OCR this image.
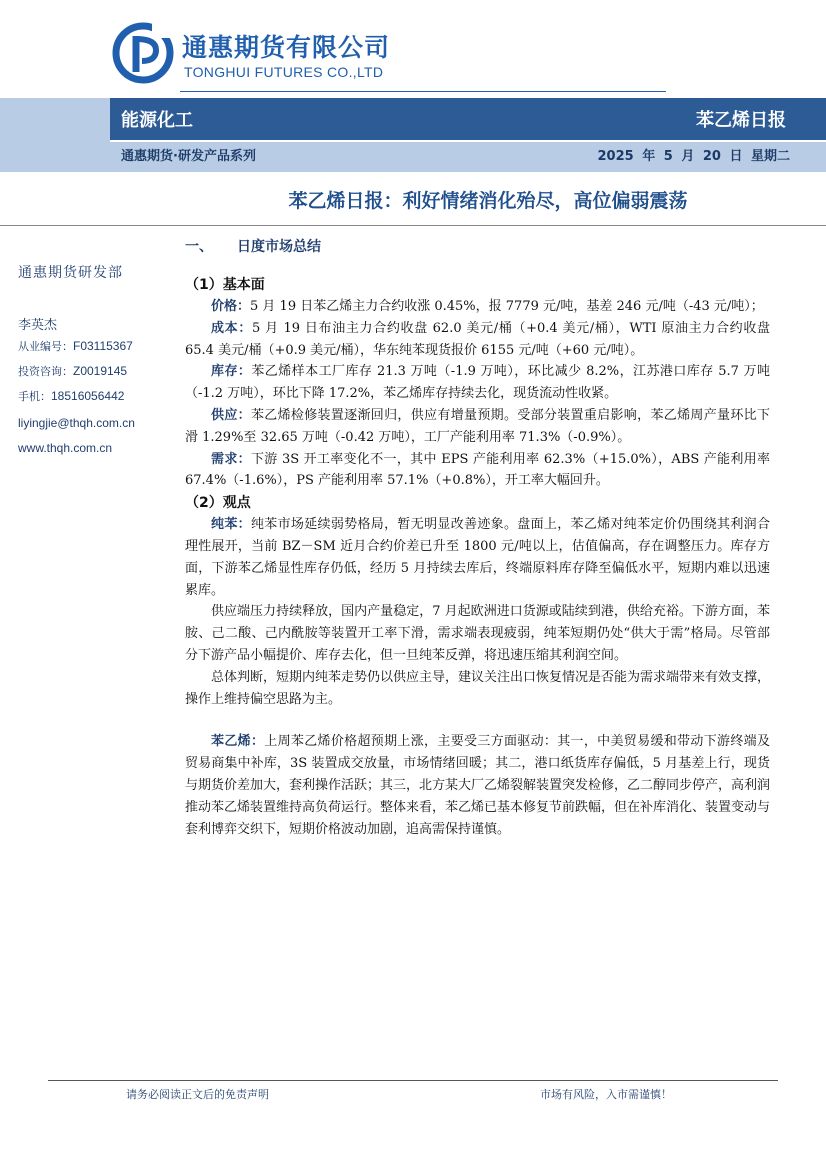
通惠期货有限公司
TONGHUI FUTURES CO.,LTD
能源化工	苯乙烯日报
通惠期货·研发产品系列	2025 年 5 月 20 日 星期二
苯乙烯日报：利好情绪消化殆尽，高位偏弱震荡
通惠期货研发部
李英杰
从业编号：F03115367
投资咨询：Z0019145
手机：18516056442
liyingjie@thqh.com.cn
www.thqh.com.cn
一、 日度市场总结
（1）基本面

价格：5 月 19 日苯乙烯主力合约收涨 0.45%，报 7779 元/吨，基差 246 元/吨（-43 元/吨）；

成本：5 月 19 日布油主力合约收盘 62.0 美元/桶（+0.4 美元/桶），WTI 原油主力合约收盘 65.4 美元/桶（+0.9 美元/桶），华东纯苯现货报价 6155 元/吨（+60 元/吨）。

库存：苯乙烯样本工厂库存 21.3 万吨（-1.9 万吨），环比减少 8.2%，江苏港口库存 5.7 万吨（-1.2 万吨），环比下降 17.2%，苯乙烯库存持续去化，现货流动性收紧。

供应：苯乙烯检修装置逐渐回归，供应有增量预期。受部分装置重启影响，苯乙烯周产量环比下滑 1.29%至 32.65 万吨（-0.42 万吨），工厂产能利用率 71.3%（-0.9%）。

需求：下游 3S 开工率变化不一，其中 EPS 产能利用率 62.3%（+15.0%），ABS 产能利用率 67.4%（-1.6%），PS 产能利用率 57.1%（+0.8%），开工率大幅回升。

（2）观点

纯苯：纯苯市场延续弱势格局，暂无明显改善迹象。盘面上，苯乙烯对纯苯定价仍围绕其利润合理性展开，当前 BZ－SM 近月合约价差已升至 1800 元/吨以上，估值偏高，存在调整压力。库存方面，下游苯乙烯显性库存仍低，经历 5 月持续去库后，终端原料库存降至偏低水平，短期内难以迅速累库。

供应端压力持续释放，国内产量稳定，7 月起欧洲进口货源或陆续到港，供给充裕。下游方面，苯胺、己二酸、己内酰胺等装置开工率下滑，需求端表现疲弱，纯苯短期仍处“供大于需”格局。尽管部分下游产品小幅提价、库存去化，但一旦纯苯反弹，将迅速压缩其利润空间。

总体判断，短期内纯苯走势仍以供应主导，建议关注出口恢复情况是否能为需求端带来有效支撑，操作上维持偏空思路为主。

苯乙烯：上周苯乙烯价格超预期上涨，主要受三方面驱动：其一，中美贸易缓和带动下游终端及贸易商集中补库，3S 装置成交放量，市场情绪回暖；其二，港口纸货库存偏低，5 月基差上行，现货与期货价差加大，套利操作活跃；其三，北方某大厂乙烯裂解装置突发检修，乙二醇同步停产，高利润推动苯乙烯装置维持高负荷运行。整体来看，苯乙烯已基本修复节前跌幅，但在补库消化、装置变动与套利博弈交织下，短期价格波动加剧，追高需保持谨慎。

请务必阅读正文后的免责声明	市场有风险，入市需谨慎！
